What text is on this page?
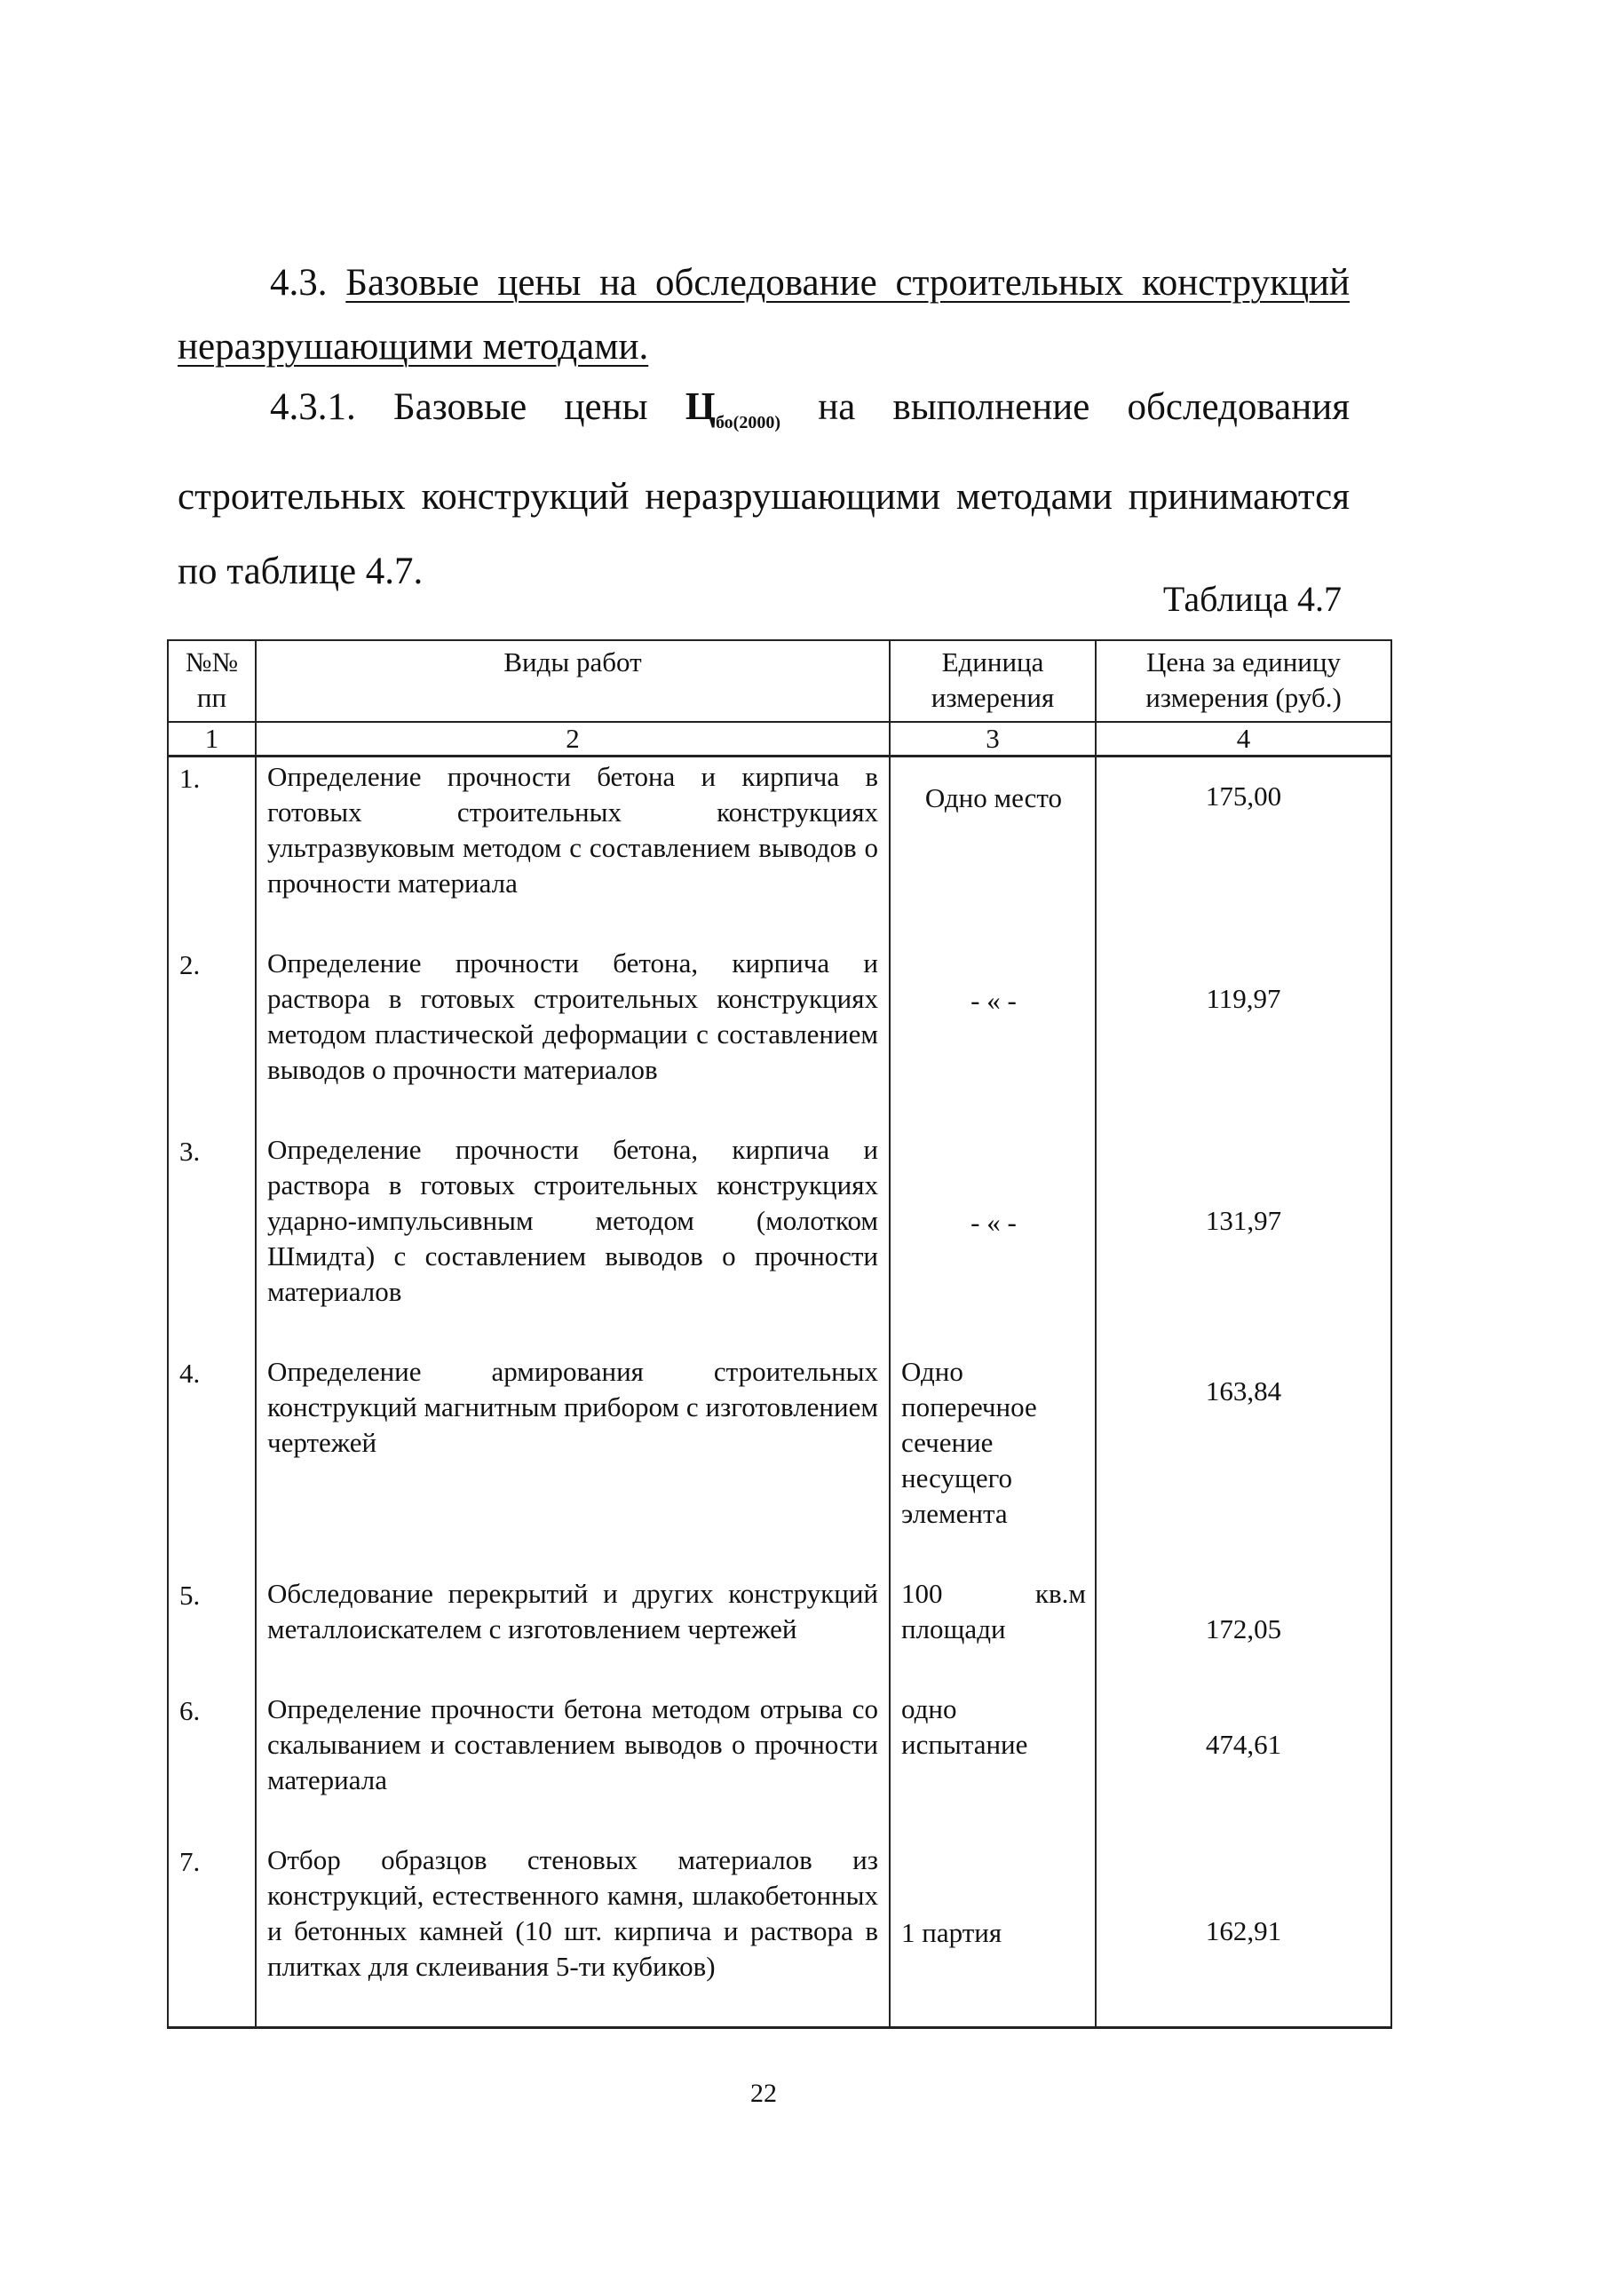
4.3. Базовые цены на обследование строительных конструкций неразрушающими методами.
4.3.1. Базовые цены $Ц_{бо(2000)}$ на выполнение обследования строительных конструкций неразрушающими методами принимаются по таблице 4.7.
Таблица 4.7
№№ пп	Виды работ	Единица измерения	Цена за единицу измерения (руб.)
1	2	3	4
1.	Определение прочности бетона и кирпича в готовых строительных конструкциях ультразвуковым методом с составлением выводов о прочности материала	Одно место	175,00

2.	Определение прочности бетона, кирпича и раствора в готовых строительных конструкциях методом пластической деформации с составлением выводов о прочности материалов	- « -	119,97

3.	Определение прочности бетона, кирпича и раствора в готовых строительных конструкциях ударно-импульсивным методом (молотком Шмидта) с составлением выводов о прочности материалов	- « -	131,97

4.	Определение армирования строительных конструкций магнитным прибором с изготовлением чертежей	Одно поперечное сечение несущего элемента	163,84

5.	Обследование перекрытий и других конструкций металлоискателем с изготовлением чертежей	100 кв.м площади	172,05

6.	Определение прочности бетона методом отрыва со скалыванием и составлением выводов о прочности материала	одно испытание	474,61

7.	Отбор образцов стеновых материалов из конструкций, естественного камня, шлакобетонных и бетонных камней (10 шт. кирпича и раствора в плитках для склеивания 5-ти кубиков)	1 партия	162,91

22
